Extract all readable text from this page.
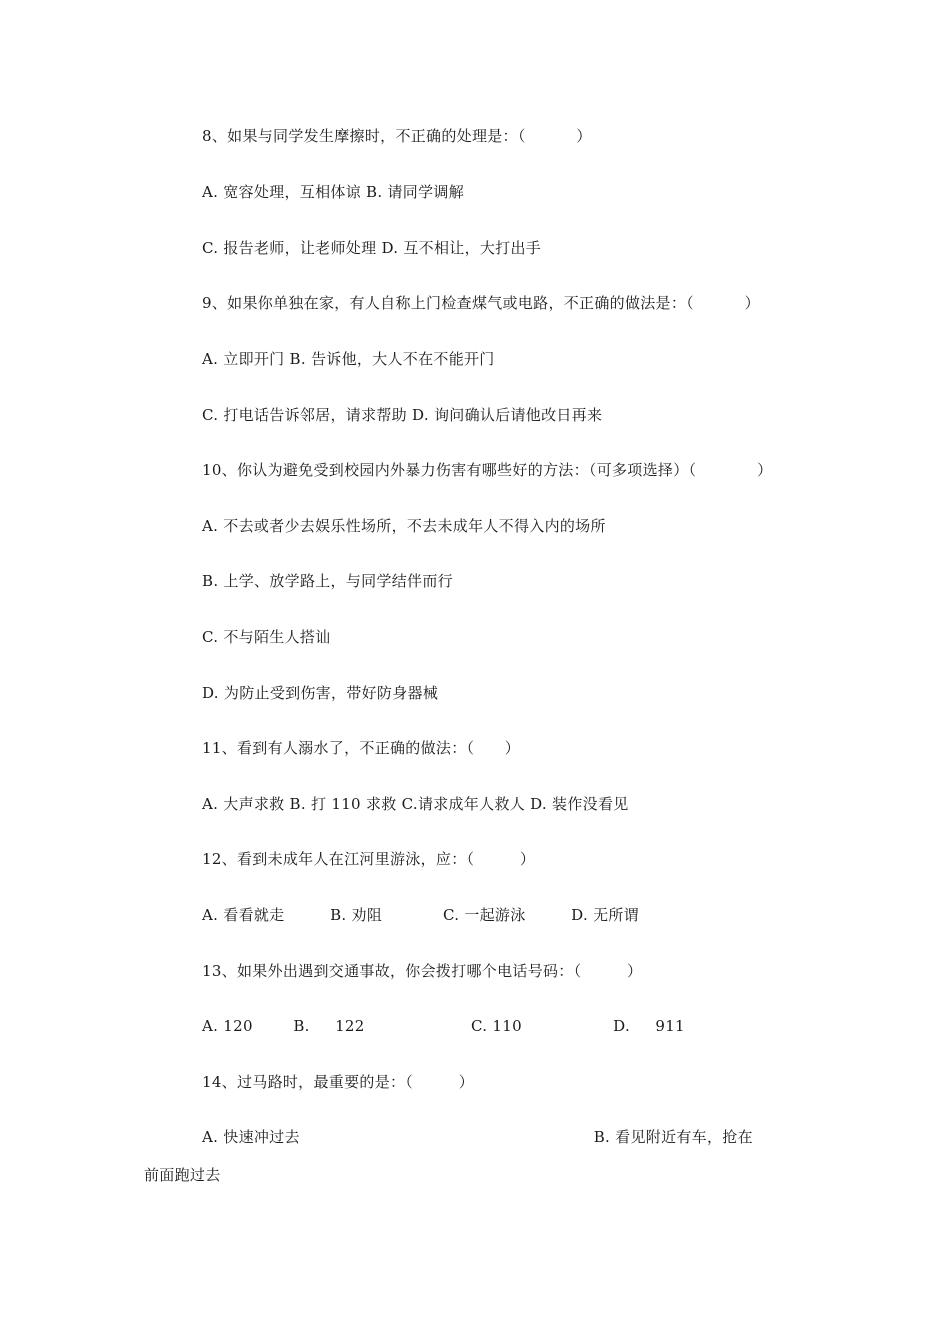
8、如果与同学发生摩擦时，不正确的处理是：（          ）
A. 宽容处理，互相体谅 B. 请同学调解
C. 报告老师，让老师处理 D. 互不相让，大打出手
9、如果你单独在家，有人自称上门检查煤气或电路，不正确的做法是：（          ）
A. 立即开门 B. 告诉他，大人不在不能开门
C. 打电话告诉邻居，请求帮助 D. 询问确认后请他改日再来
10、你认为避免受到校园内外暴力伤害有哪些好的方法：（可多项选择）（            ）
A. 不去或者少去娱乐性场所，不去未成年人不得入内的场所
B. 上学、放学路上，与同学结伴而行
C. 不与陌生人搭讪
D. 为防止受到伤害，带好防身器械
11、看到有人溺水了，不正确的做法：（      ）
A. 大声求救 B. 打 110 求救 C.请求成年人救人 D. 装作没看见
12、看到未成年人在江河里游泳，应：（         ）
A. 看看就走         B. 劝阻            C. 一起游泳         D. 无所谓
13、如果外出遇到交通事故，你会拨打哪个电话号码：（         ）
A. 120        B.     122                     C. 110                  D.     911
14、过马路时，最重要的是：（         ）
A. 快速冲过去                                                          B. 看见附近有车，抢在
前面跑过去
